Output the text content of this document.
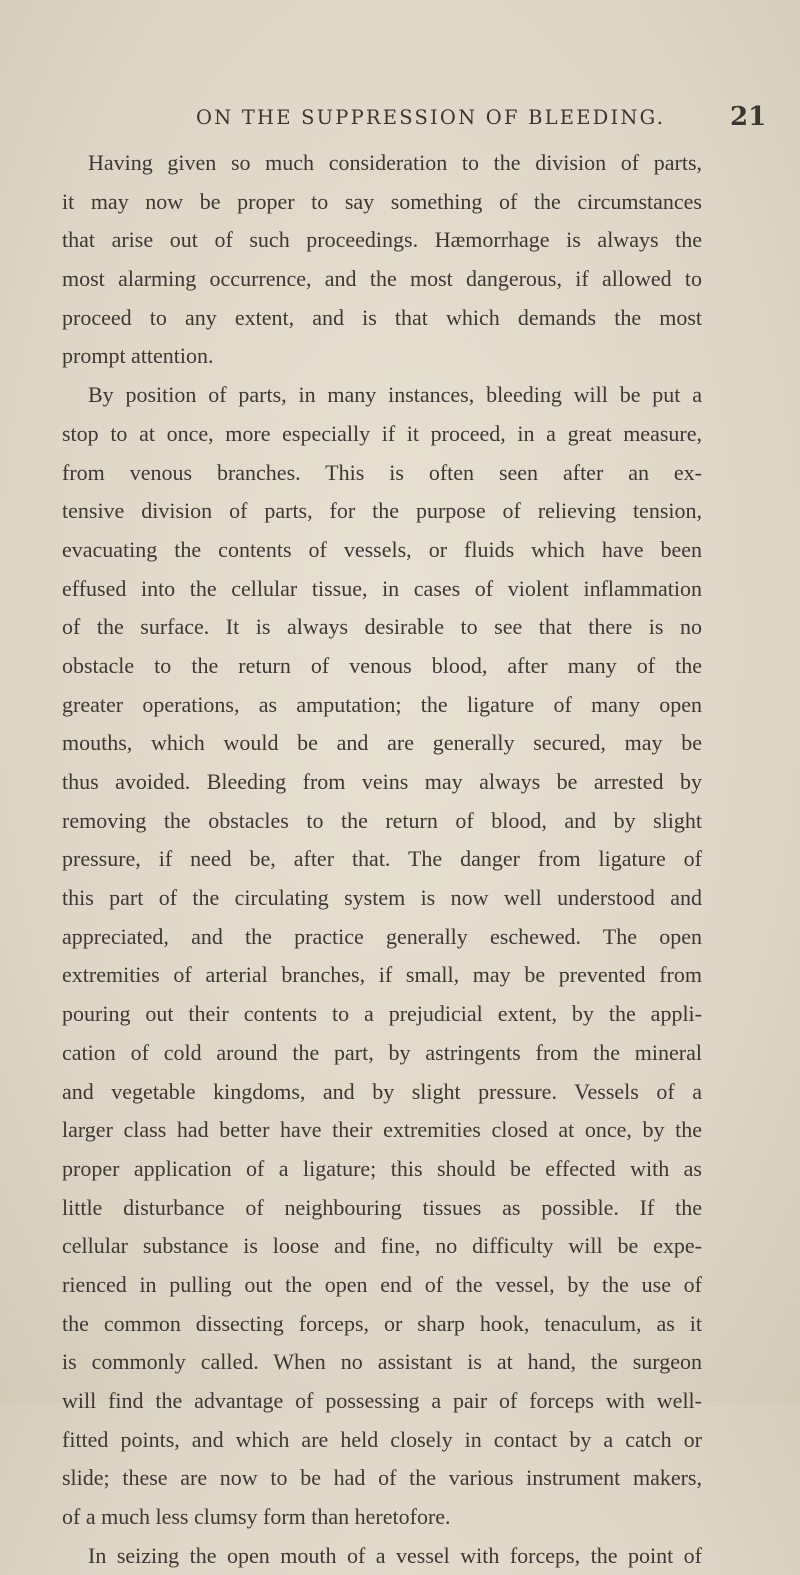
ON THE SUPPRESSION OF BLEEDING. 21
Having given so much consideration to the division of parts,
it may now be proper to say something of the circumstances
that arise out of such proceedings. Hæmorrhage is always the
most alarming occurrence, and the most dangerous, if allowed to
proceed to any extent, and is that which demands the most
prompt attention.
By position of parts, in many instances, bleeding will be put a
stop to at once, more especially if it proceed, in a great measure,
from venous branches. This is often seen after an ex-
tensive division of parts, for the purpose of relieving tension,
evacuating the contents of vessels, or fluids which have been
effused into the cellular tissue, in cases of violent inflammation
of the surface. It is always desirable to see that there is no
obstacle to the return of venous blood, after many of the
greater operations, as amputation; the ligature of many open
mouths, which would be and are generally secured, may be
thus avoided. Bleeding from veins may always be arrested by
removing the obstacles to the return of blood, and by slight
pressure, if need be, after that. The danger from ligature of
this part of the circulating system is now well understood and
appreciated, and the practice generally eschewed. The open
extremities of arterial branches, if small, may be prevented from
pouring out their contents to a prejudicial extent, by the appli-
cation of cold around the part, by astringents from the mineral
and vegetable kingdoms, and by slight pressure. Vessels of a
larger class had better have their extremities closed at once, by the
proper application of a ligature; this should be effected with as
little disturbance of neighbouring tissues as possible. If the
cellular substance is loose and fine, no difficulty will be expe-
rienced in pulling out the open end of the vessel, by the use of
the common dissecting forceps, or sharp hook, tenaculum, as it
is commonly called. When no assistant is at hand, the surgeon
will find the advantage of possessing a pair of forceps with well-
fitted points, and which are held closely in contact by a catch or
slide; these are now to be had of the various instrument makers,
of a much less clumsy form than heretofore.
In seizing the open mouth of a vessel with forceps, the point of
